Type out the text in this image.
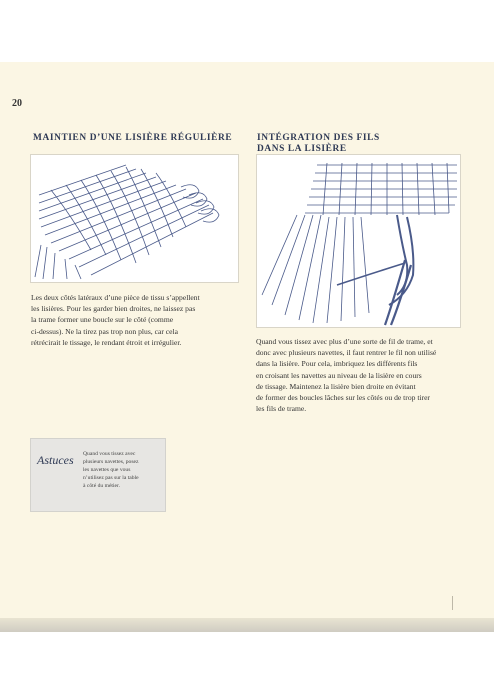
20
MAINTIEN D’UNE LISIÈRE RÉGULIÈRE	INTÉGRATION DES FILS
DANS LA LISIÈRE
Les deux côtés latéraux d’une pièce de tissu s’appellent
les lisières. Pour les garder bien droites, ne laissez pas
la trame former une boucle sur le côté (comme
ci-dessus). Ne la tirez pas trop non plus, car cela
rétrécirait le tissage, le rendant étroit et irrégulier.	Quand vous tissez avec plus d’une sorte de fil de trame, et
donc avec plusieurs navettes, il faut rentrer le fil non utilisé
dans la lisière. Pour cela, imbriquez les différents fils
en croisant les navettes au niveau de la lisière en cours
de tissage. Maintenez la lisière bien droite en évitant
de former des boucles lâches sur les côtés ou de trop tirer
les fils de trame.
Astuces Quand vous tissez avec
plusieurs navettes, posez
les navettes que vous
n’utilisez pas sur la table
à côté du métier.
